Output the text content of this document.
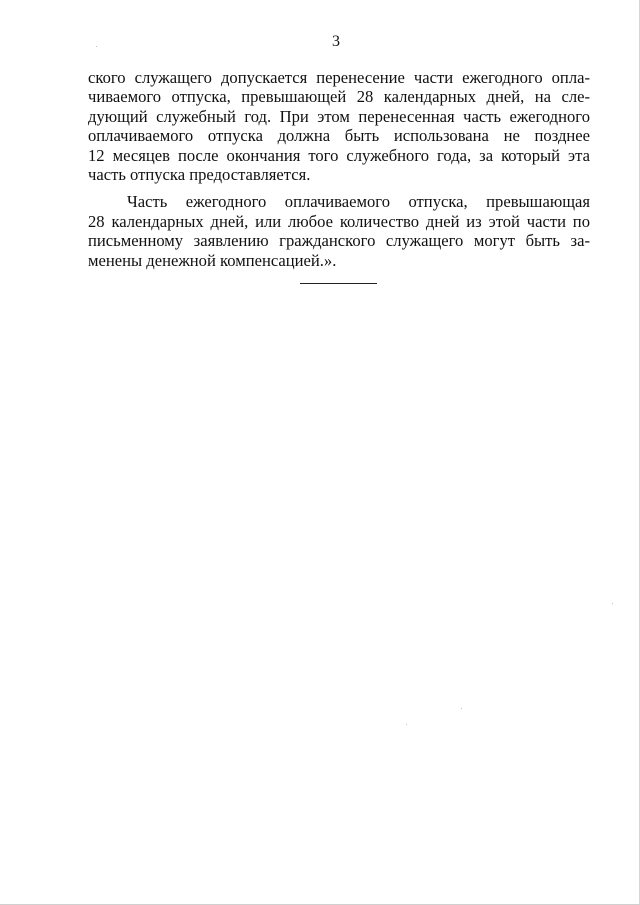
3
ского служащего допускается перенесение части ежегодного опла-
чиваемого отпуска, превышающей 28 календарных дней, на сле-
дующий служебный год. При этом перенесенная часть ежегодного
оплачиваемого отпуска должна быть использована не позднее
12 месяцев после окончания того служебного года, за который эта
часть отпуска предоставляется.
Часть ежегодного оплачиваемого отпуска, превышающая
28 календарных дней, или любое количество дней из этой части по
письменному заявлению гражданского служащего могут быть за-
менены денежной компенсацией.».
